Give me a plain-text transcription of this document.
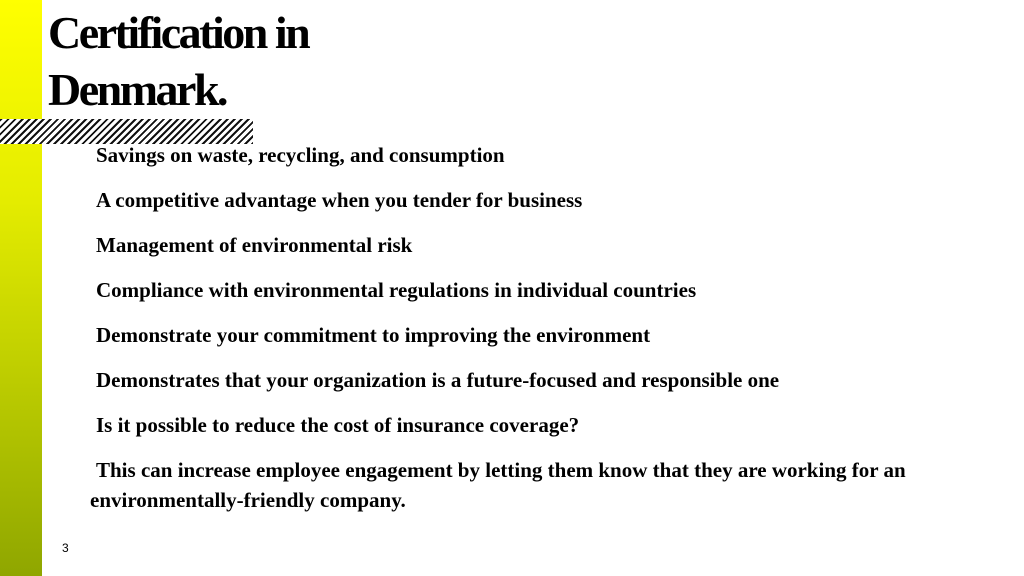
Certification in Denmark.
Savings on waste, recycling, and consumption
A competitive advantage when you tender for business
Management of environmental risk
Compliance with environmental regulations in individual countries
Demonstrate your commitment to improving the environment
Demonstrates that your organization is a future-focused and responsible one
Is it possible to reduce the cost of insurance coverage?
This can increase employee engagement by letting them know that they are working for an environmentally-friendly company.
3
